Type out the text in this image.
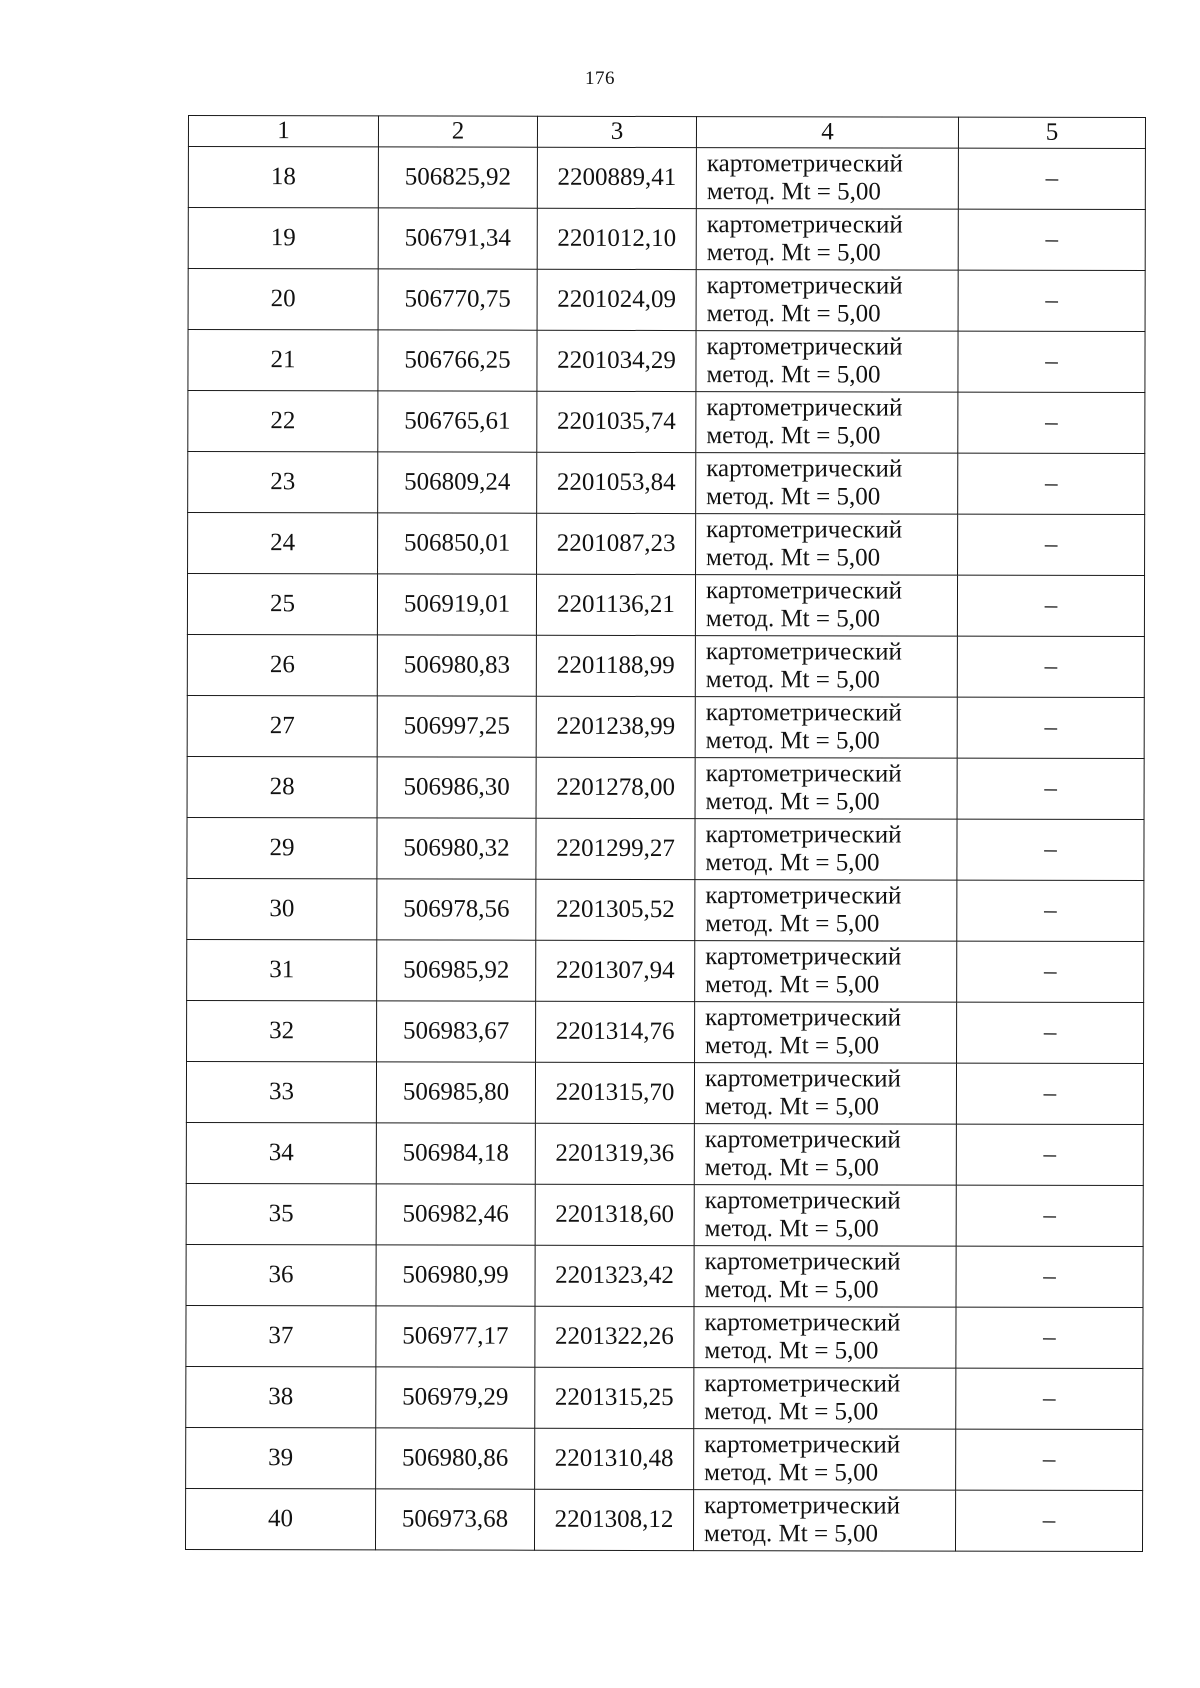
176
1	2	3	4	5
18	506825,92	2200889,41	картометрический
метод. Mt = 5,00	–
19	506791,34	2201012,10	картометрический
метод. Mt = 5,00	–
20	506770,75	2201024,09	картометрический
метод. Mt = 5,00	–
21	506766,25	2201034,29	картометрический
метод. Mt = 5,00	–
22	506765,61	2201035,74	картометрический
метод. Mt = 5,00	–
23	506809,24	2201053,84	картометрический
метод. Mt = 5,00	–
24	506850,01	2201087,23	картометрический
метод. Mt = 5,00	–
25	506919,01	2201136,21	картометрический
метод. Mt = 5,00	–
26	506980,83	2201188,99	картометрический
метод. Mt = 5,00	–
27	506997,25	2201238,99	картометрический
метод. Mt = 5,00	–
28	506986,30	2201278,00	картометрический
метод. Mt = 5,00	–
29	506980,32	2201299,27	картометрический
метод. Mt = 5,00	–
30	506978,56	2201305,52	картометрический
метод. Mt = 5,00	–
31	506985,92	2201307,94	картометрический
метод. Mt = 5,00	–
32	506983,67	2201314,76	картометрический
метод. Mt = 5,00	–
33	506985,80	2201315,70	картометрический
метод. Mt = 5,00	–
34	506984,18	2201319,36	картометрический
метод. Mt = 5,00	–
35	506982,46	2201318,60	картометрический
метод. Mt = 5,00	–
36	506980,99	2201323,42	картометрический
метод. Mt = 5,00	–
37	506977,17	2201322,26	картометрический
метод. Mt = 5,00	–
38	506979,29	2201315,25	картометрический
метод. Mt = 5,00	–
39	506980,86	2201310,48	картометрический
метод. Mt = 5,00	–
40	506973,68	2201308,12	картометрический
метод. Mt = 5,00	–
